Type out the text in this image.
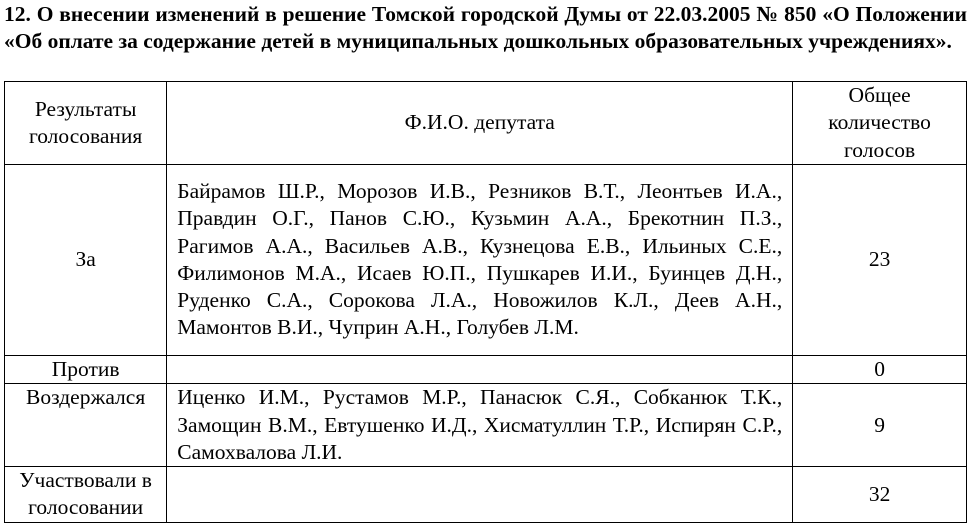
12. О внесении изменений в решение Томской городской Думы от 22.03.2005 № 850 «О Положении «Об оплате за содержание детей в муниципальных дошкольных образовательных учреждениях».

Результаты голосования	Ф.И.О. депутата	Общее количество голосов
За	Байрамов Ш.Р., Морозов И.В., Резников В.Т., Леонтьев И.А., Правдин О.Г., Панов С.Ю., Кузьмин А.А., Брекотнин П.З., Рагимов А.А., Васильев А.В., Кузнецова Е.В., Ильиных С.Е., Филимонов М.А., Исаев Ю.П., Пушкарев И.И., Буинцев Д.Н., Руденко С.А., Сорокова Л.А., Новожилов К.Л., Деев А.Н., Мамонтов В.И., Чуприн А.Н., Голубев Л.М.	23
Против		0
Воздержался	Иценко И.М., Рустамов М.Р., Панасюк С.Я., Собканюк Т.К., Замощин В.М., Евтушенко И.Д., Хисматуллин Т.Р., Испирян С.Р., Самохвалова Л.И.	9
Участвовали в голосовании		32
